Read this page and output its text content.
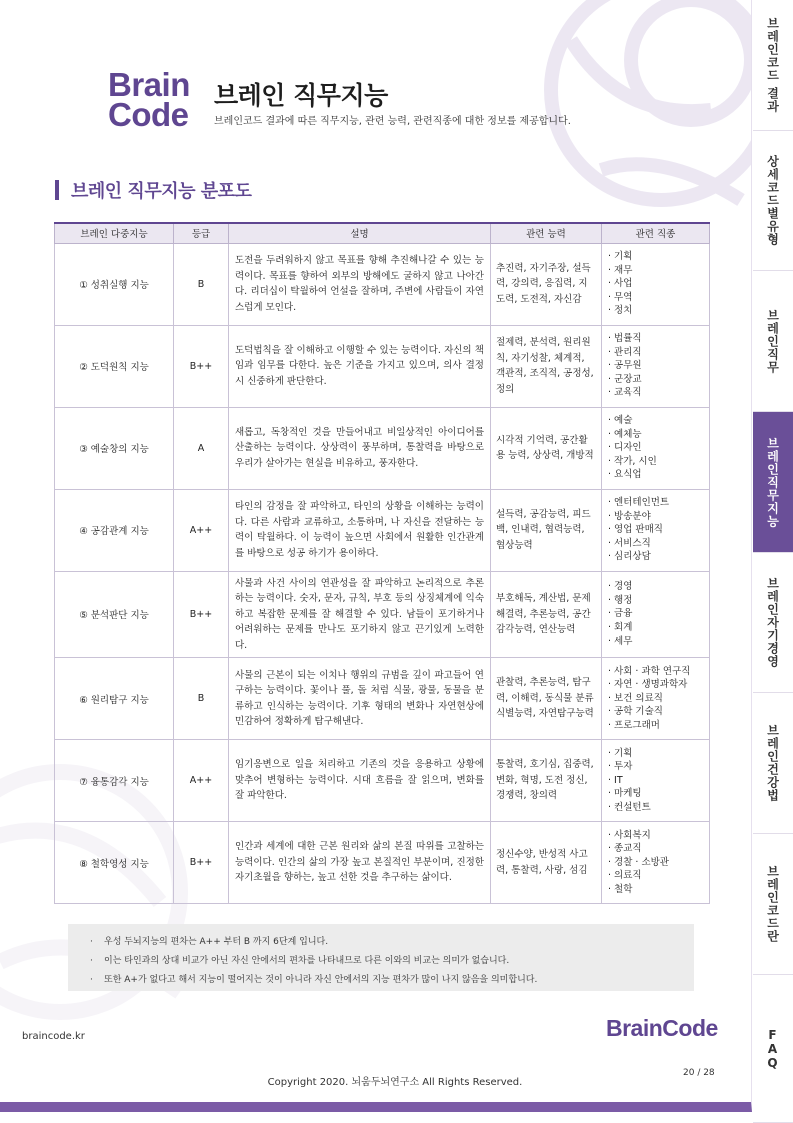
Brain
Code
브레인 직무지능
브레인코드 결과에 따른 직무지능, 관련 능력, 관련직종에 대한 정보를 제공합니다.
브레인 직무지능 분포도
브레인 다중지능	등급	설명	관련 능력	관련 직종
① 성취실행 지능	B	도전을 두려워하지 않고 목표를 향해 추진해나갈 수 있는 능력이다. 목표를 향하여 외부의 방해에도 굴하지 않고 나아간다. 리더십이 탁월하여 언설을 잘하며, 주변에 사람들이 자연스럽게 모인다.	추진력, 자기주장, 설득력, 강의력, 응집력, 지도력, 도전적, 자신감	· 기획
· 재무
· 사업
· 무역
· 정치

② 도덕원칙 지능	B++	도덕법칙을 잘 이해하고 이행할 수 있는 능력이다. 자신의 책임과 임무를 다한다. 높은 기준을 가지고 있으며, 의사 결정시 신중하게 판단한다.	절제력, 분석력, 원리원칙, 자기성찰, 체계적, 객관적, 조직적, 공정성, 정의	· 법률직
· 관리직
· 공무원
· 군장교
· 교육직

③ 예술창의 지능	A	새롭고, 독창적인 것을 만들어내고 비일상적인 아이디어를 산출하는 능력이다. 상상력이 풍부하며, 통찰력을 바탕으로 우리가 살아가는 현실을 비유하고, 풍자한다.	시각적 기억력, 공간활용 능력, 상상력, 개방적	· 예술
· 예체능
· 디자인
· 작가, 시인
· 요식업

④ 공감관계 지능	A++	타인의 감정을 잘 파악하고, 타인의 상황을 이해하는 능력이다. 다른 사람과 교류하고, 소통하며, 나 자신을 전달하는 능력이 탁월하다. 이 능력이 높으면 사회에서 원활한 인간관계를 바탕으로 성공 하기가 용이하다.	설득력, 공감능력, 피드백, 인내력, 협력능력, 협상능력	· 엔터테인먼트
· 방송분야
· 영업 판매직
· 서비스직
· 심리상담

⑤ 분석판단 지능	B++	사물과 사건 사이의 연관성을 잘 파악하고 논리적으로 추론하는 능력이다. 숫자, 문자, 규칙, 부호 등의 상징체계에 익숙하고 복잡한 문제를 잘 해결할 수 있다. 남들이 포기하거나 어려워하는 문제를 만나도 포기하지 않고 끈기있게 노력한다.	부호해독, 계산법, 문제해결력, 추론능력, 공간감각능력, 연산능력	· 경영
· 행정
· 금융
· 회계
· 세무

⑥ 원리탐구 지능	B	사물의 근본이 되는 이치나 행위의 규범을 깊이 파고들어 연구하는 능력이다. 꽃이나 풀, 돌 처럼 식물, 광물, 동물을 분류하고 인식하는 능력이다. 기후 형태의 변화나 자연현상에 민감하여 정확하게 탐구해낸다.	관찰력, 추론능력, 탐구력, 이해력, 동식물 분류식별능력, 자연탐구능력	· 사회 · 과학 연구직
· 자연 · 생명과학자
· 보건 의료직
· 공학 기술직
· 프로그래머

⑦ 융통감각 지능	A++	임기응변으로 일을 처리하고 기존의 것을 응용하고 상황에 맞추어 변형하는 능력이다. 시대 흐름을 잘 읽으며, 변화를 잘 파악한다.	통찰력, 호기심, 집중력, 변화, 혁명, 도전 정신, 경쟁력, 창의력	· 기획
· 투자
· IT
· 마케팅
· 컨설턴트

⑧ 철학영성 지능	B++	인간과 세계에 대한 근본 원리와 삶의 본질 따위를 고찰하는 능력이다. 인간의 삶의 가장 높고 본질적인 부분이며, 진정한 자기초월을 향하는, 높고 선한 것을 추구하는 삶이다.	정신수양, 반성적 사고력, 통찰력, 사랑, 섬김	· 사회복지
· 종교직
· 경찰 · 소방관
· 의료직
· 철학
·	우성 두뇌지능의 편차는 A++ 부터 B 까지 6단계 입니다.
·	이는 타인과의 상대 비교가 아닌 자신 안에서의 편차를 나타내므로 다른 이와의 비교는 의미가 없습니다.
·	또한 A+가 없다고 해서 지능이 떨어지는 것이 아니라 자신 안에서의 지능 편차가 많이 나지 않음을 의미합니다.
braincode.kr	BrainCode
Copyright 2020. 뇌움두뇌연구소 All Rights Reserved.
20 / 28
브레인코드 결과
상세코드별유형
브레인직무
브레인직무지능
브레인자기경영
브레인건강법
브레인코드란
FAQ
